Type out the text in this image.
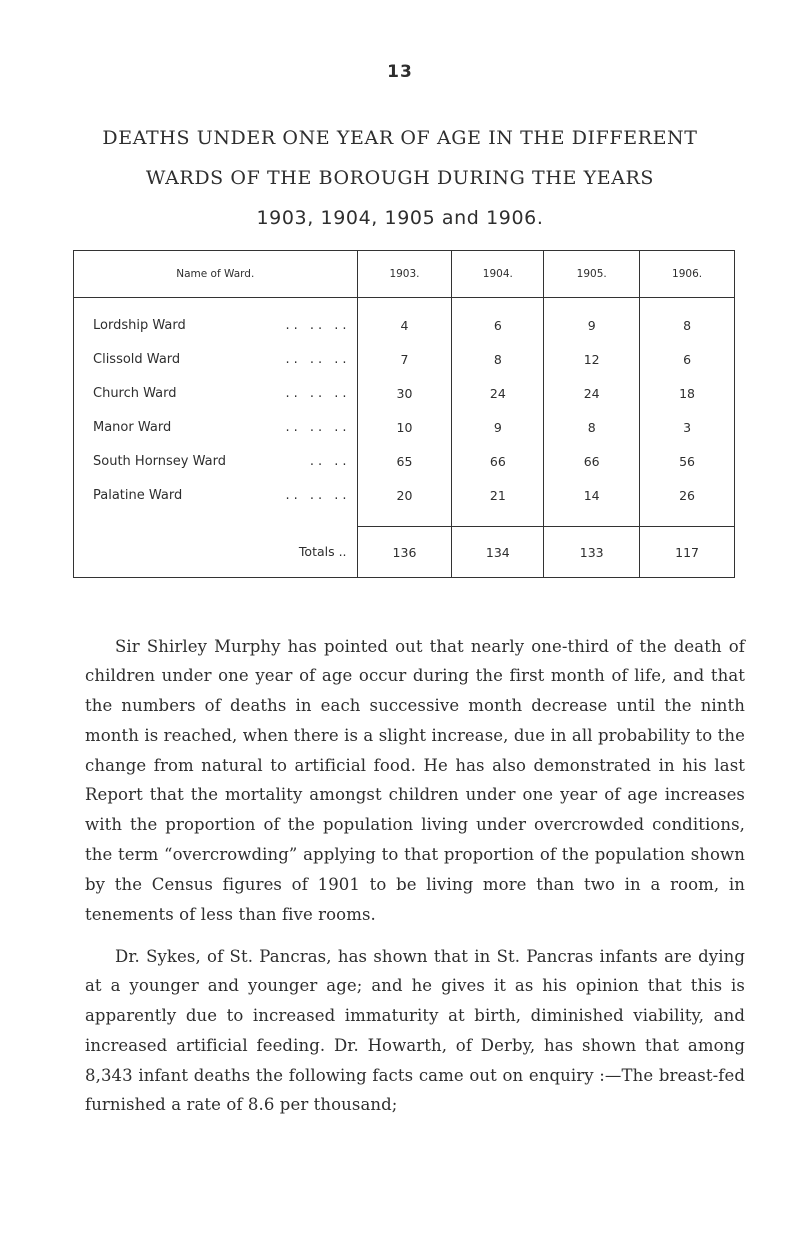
13
DEATHS UNDER ONE YEAR OF AGE IN THE DIFFERENT
WARDS OF THE BOROUGH DURING THE YEARS
1903, 1904, 1905 and 1906.
Name of Ward.	1903.	1904.	1905.	1906.
Lordship Ward .. .. ..	4	6	9	8
Clissold Ward .. .. ..	7	8	12	6
Church Ward .. .. ..	30	24	24	18
Manor Ward .. .. ..	10	9	8	3
South Hornsey Ward .. ..	65	66	66	56
Palatine Ward .. .. ..	20	21	14	26

Totals ..	136	134	133	117

Sir Shirley Murphy has pointed out that nearly one-third of the death of children under one year of age occur during the first month of life, and that the numbers of deaths in each successive month decrease until the ninth month is reached, when there is a slight increase, due in all probability to the change from natural to artificial food. He has also demonstrated in his last Report that the mortality amongst children under one year of age increases with the proportion of the population living under overcrowded conditions, the term “overcrowding” applying to that proportion of the population shown by the Census figures of 1901 to be living more than two in a room, in tenements of less than five rooms.

Dr. Sykes, of St. Pancras, has shown that in St. Pancras infants are dying at a younger and younger age; and he gives it as his opinion that this is apparently due to increased immaturity at birth, diminished viability, and increased artificial feeding. Dr. Howarth, of Derby, has shown that among 8,343 infant deaths the following facts came out on enquiry :—The breast-fed furnished a rate of 8.6 per thousand;
